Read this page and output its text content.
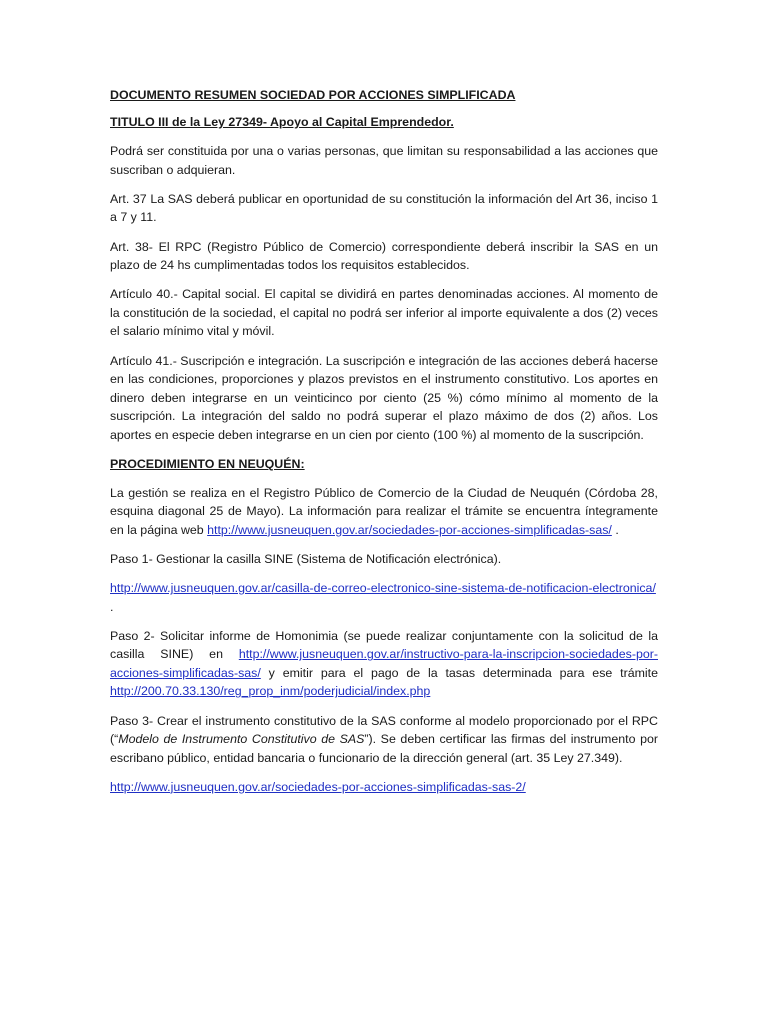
DOCUMENTO RESUMEN SOCIEDAD POR ACCIONES SIMPLIFICADA
TITULO III de la Ley 27349- Apoyo al Capital Emprendedor.

Podrá ser constituida por una o varias personas, que limitan su responsabilidad a las acciones que suscriban o adquieran.

Art. 37 La SAS deberá publicar en oportunidad de su constitución la información del Art 36, inciso 1 a 7 y 11.

Art. 38- El RPC (Registro Público de Comercio) correspondiente deberá inscribir la SAS en un plazo de 24 hs cumplimentadas todos los requisitos establecidos.

Artículo 40.- Capital social. El capital se dividirá en partes denominadas acciones. Al momento de la constitución de la sociedad, el capital no podrá ser inferior al importe equivalente a dos (2) veces el salario mínimo vital y móvil.

Artículo 41.- Suscripción e integración. La suscripción e integración de las acciones deberá hacerse en las condiciones, proporciones y plazos previstos en el instrumento constitutivo. Los aportes en dinero deben integrarse en un veinticinco por ciento (25 %) cómo mínimo al momento de la suscripción. La integración del saldo no podrá superar el plazo máximo de dos (2) años. Los aportes en especie deben integrarse en un cien por ciento (100 %) al momento de la suscripción.

PROCEDIMIENTO EN NEUQUÉN:

La gestión se realiza en el Registro Público de Comercio de la Ciudad de Neuquén (Córdoba 28, esquina diagonal 25 de Mayo). La información para realizar el trámite se encuentra íntegramente en la página web http://www.jusneuquen.gov.ar/sociedades-por-acciones-simplificadas-sas/ .

Paso 1- Gestionar la casilla SINE (Sistema de Notificación electrónica).

http://www.jusneuquen.gov.ar/casilla-de-correo-electronico-sine-sistema-de-notificacion-electronica/ .

Paso 2- Solicitar informe de Homonimia (se puede realizar conjuntamente con la solicitud de la casilla SINE) en http://www.jusneuquen.gov.ar/instructivo-para-la-inscripcion-sociedades-por-acciones-simplificadas-sas/ y emitir para el pago de la tasas determinada para ese trámite http://200.70.33.130/reg_prop_inm/poderjudicial/index.php

Paso 3- Crear el instrumento constitutivo de la SAS conforme al modelo proporcionado por el RPC (“Modelo de Instrumento Constitutivo de SAS”). Se deben certificar las firmas del instrumento por escribano público, entidad bancaria o funcionario de la dirección general (art. 35 Ley 27.349).

http://www.jusneuquen.gov.ar/sociedades-por-acciones-simplificadas-sas-2/
